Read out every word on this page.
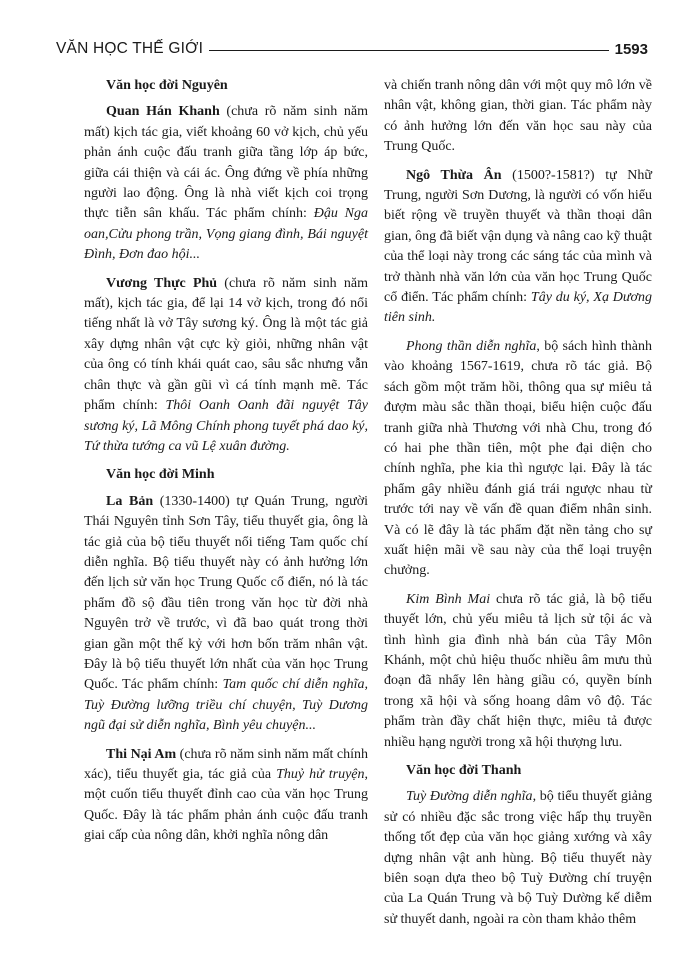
VĂN HỌC THẾ GIỚI	1593
Văn học đời Nguyên

Quan Hán Khanh (chưa rõ năm sinh năm mất) kịch tác gia, viết khoảng 60 vở kịch, chủ yếu phản ánh cuộc đấu tranh giữa tầng lớp áp bức, giữa cái thiện và cái ác. Ông đứng về phía những người lao động. Ông là nhà viết kịch coi trọng thực tiễn sân khấu. Tác phẩm chính: Đậu Nga oan,Cửu phong trần, Vọng giang đình, Bái nguyệt Đình, Đơn đao hội...

Vương Thực Phủ (chưa rõ năm sinh năm mất), kịch tác gia, để lại 14 vở kịch, trong đó nổi tiếng nhất là vở Tây sương ký. Ông là một tác giả xây dựng nhân vật cực kỳ giỏi, những nhân vật của ông có tính khái quát cao, sâu sắc nhưng vẫn chân thực và gần gũi vì cá tính mạnh mẽ. Tác phẩm chính: Thôi Oanh Oanh đãi nguyệt Tây sương ký, Lã Mông Chính phong tuyết phá dao ký, Tứ thừa tướng ca vũ Lệ xuân đường.

Văn học đời Minh

La Bản (1330-1400) tự Quán Trung, người Thái Nguyên tỉnh Sơn Tây, tiểu thuyết gia, ông là tác giả của bộ tiểu thuyết nổi tiếng Tam quốc chí diễn nghĩa. Bộ tiểu thuyết này có ảnh hưởng lớn đến lịch sử văn học Trung Quốc cổ điển, nó là tác phẩm đồ sộ đầu tiên trong văn học từ đời nhà Nguyên trở về trước, vì đã bao quát trong thời gian gần một thế kỷ với hơn bốn trăm nhân vật. Đây là bộ tiểu thuyết lớn nhất của văn học Trung Quốc. Tác phẩm chính: Tam quốc chí diễn nghĩa, Tuỳ Đường lưỡng triều chí chuyện, Tuỳ Dương ngũ đại sử diễn nghĩa, Bình yêu chuyện...

Thi Nại Am (chưa rõ năm sinh năm mất chính xác), tiểu thuyết gia, tác giả của Thuỷ hử truyện, một cuốn tiểu thuyết đỉnh cao của văn học Trung Quốc. Đây là tác phẩm phản ánh cuộc đấu tranh giai cấp của nông dân, khởi nghĩa nông dân

và chiến tranh nông dân với một quy mô lớn về nhân vật, không gian, thời gian. Tác phẩm này có ảnh hưởng lớn đến văn học sau này của Trung Quốc.

Ngô Thừa Ân (1500?-1581?) tự Nhữ Trung, người Sơn Dương, là người có vốn hiểu biết rộng về truyền thuyết và thần thoại dân gian, ông đã biết vận dụng và nâng cao kỹ thuật của thể loại này trong các sáng tác của mình và trở thành nhà văn lớn của văn học Trung Quốc cổ điển. Tác phẩm chính: Tây du ký, Xạ Dương tiên sinh.

Phong thần diễn nghĩa, bộ sách hình thành vào khoảng 1567-1619, chưa rõ tác giả. Bộ sách gồm một trăm hồi, thông qua sự miêu tả đượm màu sắc thần thoại, biểu hiện cuộc đấu tranh giữa nhà Thương với nhà Chu, trong đó có hai phe thần tiên, một phe đại diện cho chính nghĩa, phe kia thì ngược lại. Đây là tác phẩm gây nhiều đánh giá trái ngược nhau từ trước tới nay về vấn đề quan điểm nhân sinh. Và có lẽ đây là tác phẩm đặt nền tảng cho sự xuất hiện mãi về sau này của thể loại truyện chưởng.

Kim Bình Mai chưa rõ tác giả, là bộ tiểu thuyết lớn, chủ yếu miêu tả lịch sử tội ác và tình hình gia đình nhà bán của Tây Môn Khánh, một chủ hiệu thuốc nhiều âm mưu thủ đoạn đã nhẩy lên hàng giầu có, quyền bính trong xã hội và sống hoang dâm vô độ. Tác phẩm tràn đầy chất hiện thực, miêu tả được nhiều hạng người trong xã hội thượng lưu.

Văn học đời Thanh

Tuỳ Đường diễn nghĩa, bộ tiểu thuyết giảng sử có nhiều đặc sắc trong việc hấp thụ truyền thống tốt đẹp của văn học giảng xướng và xây dựng nhân vật anh hùng. Bộ tiểu thuyết này biên soạn dựa theo bộ Tuỳ Đường chí truyện của La Quán Trung và bộ Tuỳ Dường kế diễm sử thuyết danh, ngoài ra còn tham khảo thêm
